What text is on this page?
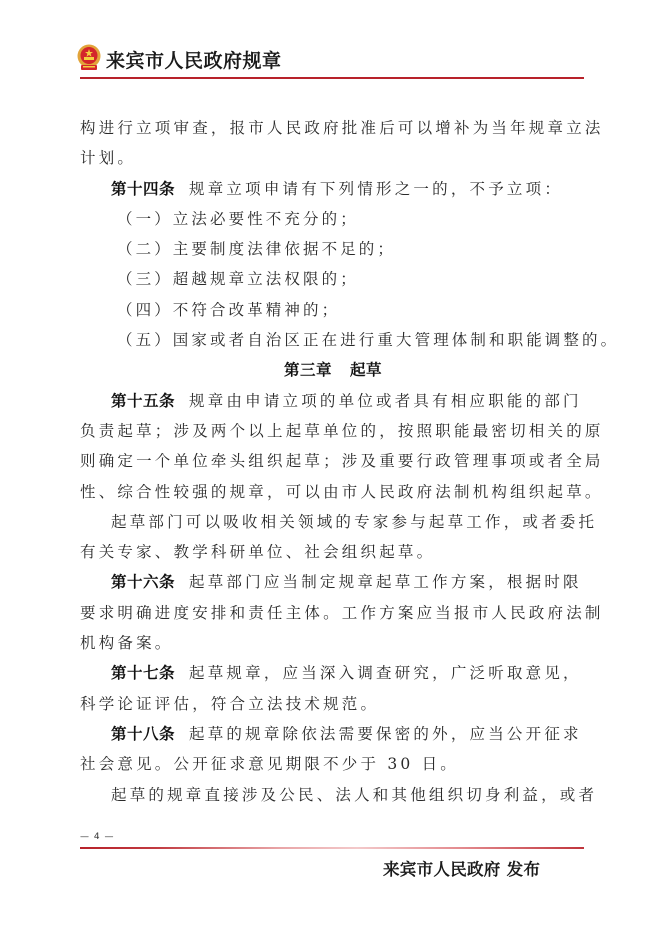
来宾市人民政府规章
构进行立项审查，报市人民政府批准后可以增补为当年规章立法
计划。
第十四条 规章立项申请有下列情形之一的，不予立项：
（一）立法必要性不充分的；
（二）主要制度法律依据不足的；
（三）超越规章立法权限的；
（四）不符合改革精神的；
（五）国家或者自治区正在进行重大管理体制和职能调整的。
第三章 起草
第十五条 规章由申请立项的单位或者具有相应职能的部门
负责起草；涉及两个以上起草单位的，按照职能最密切相关的原
则确定一个单位牵头组织起草；涉及重要行政管理事项或者全局
性、综合性较强的规章，可以由市人民政府法制机构组织起草。
起草部门可以吸收相关领域的专家参与起草工作，或者委托
有关专家、教学科研单位、社会组织起草。
第十六条 起草部门应当制定规章起草工作方案，根据时限
要求明确进度安排和责任主体。工作方案应当报市人民政府法制
机构备案。
第十七条 起草规章，应当深入调查研究，广泛听取意见，
科学论证评估，符合立法技术规范。
第十八条 起草的规章除依法需要保密的外，应当公开征求
社会意见。公开征求意见期限不少于 30 日。
起草的规章直接涉及公民、法人和其他组织切身利益，或者
— 4 —
来宾市人民政府 发布
